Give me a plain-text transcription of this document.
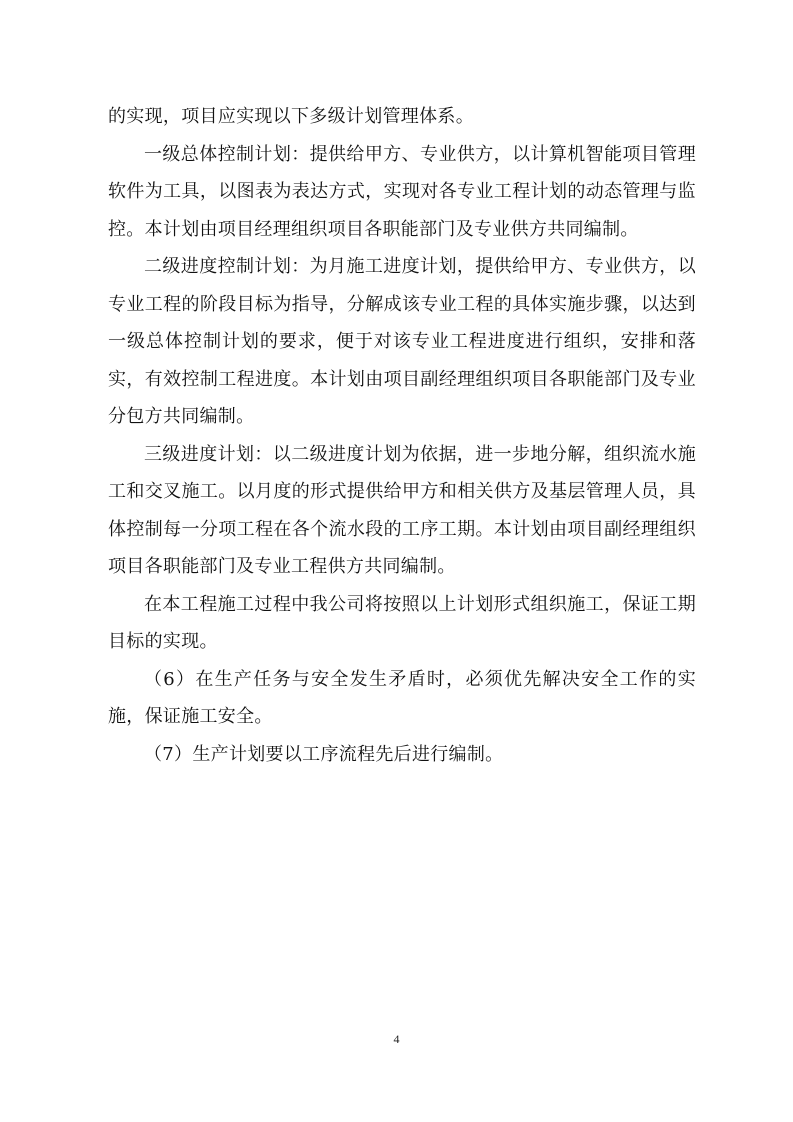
的实现，项目应实现以下多级计划管理体系。

一级总体控制计划：提供给甲方、专业供方，以计算机智能项目管理软件为工具，以图表为表达方式，实现对各专业工程计划的动态管理与监控。本计划由项目经理组织项目各职能部门及专业供方共同编制。

二级进度控制计划：为月施工进度计划，提供给甲方、专业供方，以专业工程的阶段目标为指导，分解成该专业工程的具体实施步骤，以达到一级总体控制计划的要求，便于对该专业工程进度进行组织，安排和落实，有效控制工程进度。本计划由项目副经理组织项目各职能部门及专业分包方共同编制。

三级进度计划：以二级进度计划为依据，进一步地分解，组织流水施工和交叉施工。以月度的形式提供给甲方和相关供方及基层管理人员，具体控制每一分项工程在各个流水段的工序工期。本计划由项目副经理组织项目各职能部门及专业工程供方共同编制。

在本工程施工过程中我公司将按照以上计划形式组织施工，保证工期目标的实现。

（6）在生产任务与安全发生矛盾时，必须优先解决安全工作的实施，保证施工安全。

（7）生产计划要以工序流程先后进行编制。

4
